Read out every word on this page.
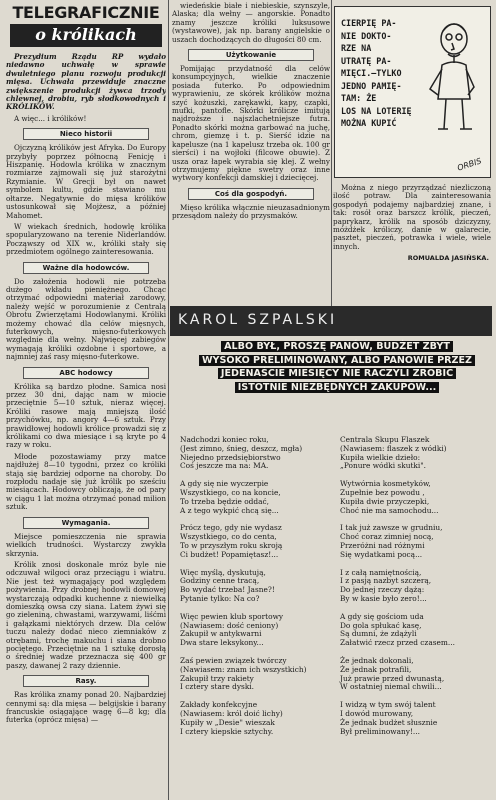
TELEGRAFICZNIE
o królikach

Prezydium Rządu RP wydało niedawno uchwałę w sprawie dwuletniego planu rozwoju produkcji mięsa. Uchwała przewiduje znaczne zwiększenie produkcji żywca trzody chlewnej, drobiu, ryb słodkowodnych i KRÓLIKÓW.

A więc... i królików!

Nieco historii

Ojczyzną królików jest Afryka. Do Europy przybyły poprzez północną Fenicję i Hiszpanię. Hodowla królika w znacznym rozmiarze zajmowali się już starożytni Rzymianie. W Grecji był on nawet symbolem kultu, gdzie stawiano mu ołtarze. Negatywnie do mięsa królików ustosunkował się Mojżesz, a później Mahomet.

W wiekach średnich, hodowlę królika spopularyzowano na terenie Niderlandów. Począwszy od XIX w., króliki stały się przedmiotem ogólnego zainteresowania.

Ważne dla hodowców.

Do założenia hodowli nie potrzeba dużego wkładu pieniężnego. Chcąc otrzymać odpowiedni materiał zarodowy, należy wejść w porozumienie z Centralą Obrotu Zwierzętami Hodowlanymi. Króliki możemy chować dla celów mięsnych, futerkowych, mięsno-futerkowych względnie dla wełny. Najwięcej zabiegów wymagają króliki ozdobne i sportowe, a najmniej zaś rasy mięsno-futerkowe.

ABC hodowcy

Królika są bardzo płodne. Samica nosi przez 30 dni, dając nam w miocie przeciętnie 5—10 sztuk, nieraz więcej. Króliki rasowe mają mniejszą ilość przychówku, np. angory 4—6 sztuk. Przy prawidłowej hodowli królice prowadzi się z królikami co dwa miesiące i są kryte po 4 razy w roku.

Młode pozostawiamy przy matce najdłużej 8—10 tygodni, przez co króliki stają się bardziej odporne na choroby. Do rozpłodu nadaje się już królik po sześciu miesiącach. Hodowcy obliczają, że od pary w ciągu 1 lat można otrzymać ponad milion sztuk.

Wymagania.

Miejsce pomieszczenia nie sprawia wielkich trudności. Wystarczy zwykła skrzynia.

Królik znosi doskonale mróz byle nie odczuwał wilgoci oraz przeciągu i wiatru. Nie jest też wymagający pod względem pożywienia. Przy drobnej hodowli domowej wystarczają odpadki kuchenne z niewielką domieszką owsa czy siana. Latem żywi się go zieleniną, chwastami, warzywami, liśćmi i gałązkami niektórych drzew. Dla celów tuczu należy dodać nieco ziemniaków z otrębami, trochę makuchu i siana drobno pociętego. Przeciętnie na 1 sztukę dorosłą o średniej wadze przeznacza się 400 gr paszy, dawanej 2 razy dziennie.

Rasy.

Ras królika znamy ponad 20. Najbardziej cennymi są: dla mięsa — belgijskie i barany francuskie osiągające wagę 6—8 kg; dla futerka (oprócz mięsa) —

wiedeńskie białe i niebieskie, szynszyle, Alaska; dla wełny — angorskie. Ponadto znamy jeszcze króliki luksusowe (wystawowe), jak np. barany angielskie o uszach dochodzących do długości 80 cm.

Użytkowanie

Pomijając przydatność dla celów konsumpcyjnych, wielkie znaczenie posiada futerko. Po odpowiednim wyprawieniu, ze skórek królików można szyć kożuszki, zarękawki, kapy, czapki, mufki, pantofle. Skórki królicze imitują najdroższe i najszlachetniejsze futra. Ponadto skórki można garbować na juchę, chrom, giemzę i t. p. Sierść idzie na kapelusze (na 1 kapelusz trzeba ok. 100 gr sierści) i na wojłoki (filcowe obuwie). Z usza oraz łapek wyrabia się klej. Z wełny otrzymujemy piękne swetry oraz inne wytwory konfekcji damskiej i dziecięcej.

Coś dla gospodyń.

Mięso królika włącznie nieuzasadnionym przesądom należy do przysmaków.

CIERPIĘ PA-
NIE DOKTO-
RZE NA
UTRATĘ PA-
MIĘCI.—TYLKO
JEDNO PAMIĘ-
TAM: ŻE
LOS NA LOTERIĘ
MOŻNA KUPIĆ
ORBIS

Można z niego przyrządzać niezliczoną ilość potraw. Dla zainteresowania gospodyń podajemy najbardziej znane, i tak: rosół oraz barszcz królik, pieczeń, paprykarz, królik na sposób dziczyzny, móżdżek króliczy, danie w galarecie, pasztet, pieczeń, potrawka i wiele, wiele innych.

ROMUALDA JASIŃSKA.
KAROL SZPALSKI
ALBO BYŁ, PROSZĘ PANÓW, BUDŻET ZBYT
WYSOKO PRELIMINOWANY, ALBO PANOWIE PRZEZ
JEDENAŚCIE MIESIĘCY NIE RACZYLI ZROBIĆ
ISTOTNIE NIEZBĘDNYCH ZAKUPÓW...
Nadchodzi koniec roku,
(Jest zimno, śnieg, deszcz, mgła)
Niejedno przedsiębiorstwo
Coś jeszcze ma na: MA.
A gdy się nie wyczerpie
Wszystkiego, co na koncie,
To trzeba będzie oddać,
A z tego wykpić chcą się...
Prócz tego, gdy nie wydasz
Wszystkiego, co do centa,
To w przyszłym roku skroją
Ci budżet! Popamiętasz!...
Więc myślą, dyskutują,
Godziny cenne tracą,
Bo wydać trzeba! Jasne?!
Pytanie tylko: Na co?
Więc pewien klub sportowy
(Nawiasem: dość ceniony)
Zakupił w antykwarni
Dwa stare leksykony...
Zaś pewien związek twórczy
(Nawiasem: znam ich wszystkich)
Zakupił trzy rakiety
I cztery stare dyski.
Zakłady konfekcyjne
(Nawiasem: król doić lichy)
Kupiły w „Desie" wieszak
I cztery kiepskie sztychy.
Centrala Skupu Flaszek
(Nawiasem: flaszek z wódki)
Kupiła wielkie dzieło:
„Ponure wódki skutki".
Wytwórnia kosmetyków,
Zupełnie bez powodu ,
Kupiła dwie przyczepki,
Choć nie ma samochodu...
I tak już zawsze w grudniu,
Choć coraz zimniej nocą,
Przeróżni nad różnymi
Się wydatkami pocą...
I z całą namiętnością,
I z pasją nazbyt szczerą,
Do jednej rzeczy dążą:
By w kasie było zero!...
A gdy się gościom uda
Do gola spłukać kasę,
Są dumni, że zdążyli
Załatwić rzecz przed czasem...
Że jednak dokonali,
Że jednak potrafili,
Już prawie przed dwunastą,
W ostatniej niemal chwili...
I widzą w tym swój talent
I dowód murowany,
Że jednak budżet słusznie
Był preliminowany!...
